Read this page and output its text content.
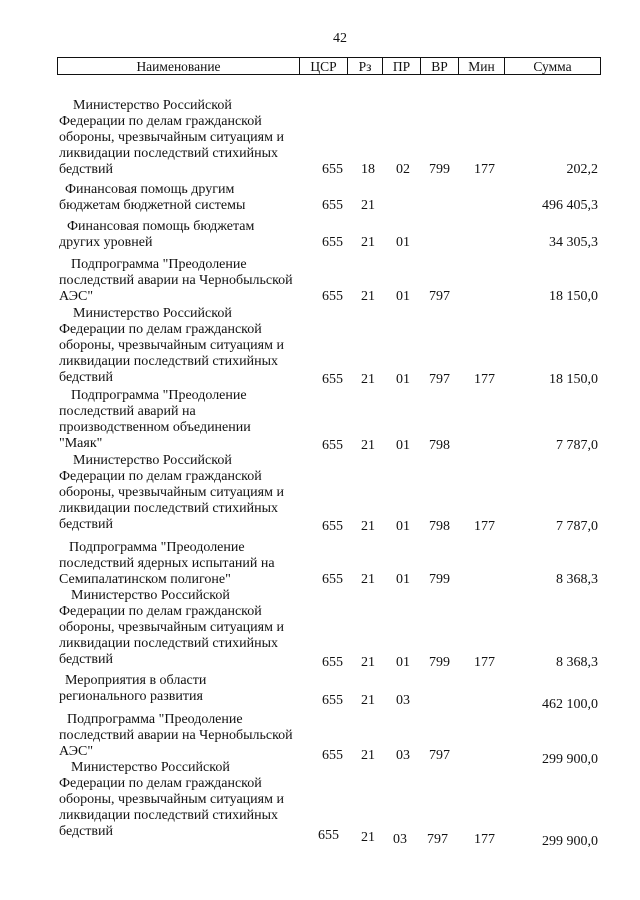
42
Наименование	ЦСР	Рз	ПР	ВР	Мин	Сумма
Министерство Российской Федерации по делам гражданской обороны, чрезвычайным ситуациям и ликвидации последствий стихийных бедствий	655 18 02 799 177	202,2
Финансовая помощь другим бюджетам бюджетной системы	655 21	496 405,3
Финансовая помощь бюджетам других уровней	655 21 01	34 305,3
Подпрограмма "Преодоление последствий аварии на Чернобыльской АЭС"	655 21 01 797	18 150,0
Министерство Российской Федерации по делам гражданской обороны, чрезвычайным ситуациям и ликвидации последствий стихийных бедствий	655 21 01 797 177	18 150,0
Подпрограмма "Преодоление последствий аварий на производственном объединении "Маяк"	655 21 01 798	7 787,0
Министерство Российской Федерации по делам гражданской обороны, чрезвычайным ситуациям и ликвидации последствий стихийных бедствий	655 21 01 798 177	7 787,0
Подпрограмма "Преодоление последствий ядерных испытаний на Семипалатинском полигоне"	655 21 01 799	8 368,3
Министерство Российской Федерации по делам гражданской обороны, чрезвычайным ситуациям и ликвидации последствий стихийных бедствий	655 21 01 799 177	8 368,3
Мероприятия в области регионального развития	655 21 03	462 100,0
Подпрограмма "Преодоление последствий аварии на Чернобыльской АЭС"	655 21 03 797	299 900,0
Министерство Российской Федерации по делам гражданской обороны, чрезвычайным ситуациям и ликвидации последствий стихийных бедствий	655 21 03 797 177	299 900,0
